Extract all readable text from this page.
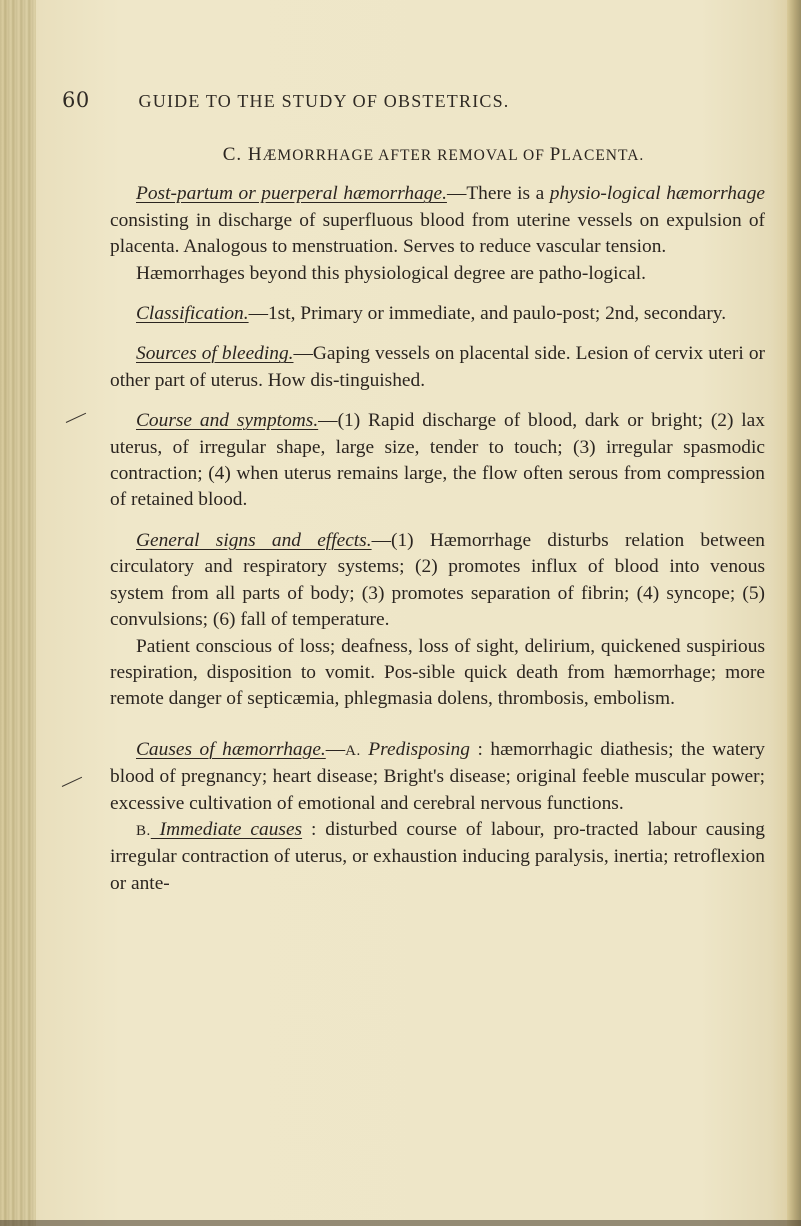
60	GUIDE TO THE STUDY OF OBSTETRICS.
C. HÆMORRHAGE AFTER REMOVAL OF PLACENTA.

Post-partum or puerperal hæmorrhage.—There is a physio-logical hæmorrhage consisting in discharge of superfluous blood from uterine vessels on expulsion of placenta. Analogous to menstruation. Serves to reduce vascular tension.

Hæmorrhages beyond this physiological degree are patho-logical.

Classification.—1st, Primary or immediate, and paulo-post; 2nd, secondary.

Sources of bleeding.—Gaping vessels on placental side. Lesion of cervix uteri or other part of uterus. How dis-tinguished.

Course and symptoms.—(1) Rapid discharge of blood, dark or bright; (2) lax uterus, of irregular shape, large size, tender to touch; (3) irregular spasmodic contraction; (4) when uterus remains large, the flow often serous from compression of retained blood.

General signs and effects.—(1) Hæmorrhage disturbs relation between circulatory and respiratory systems; (2) promotes influx of blood into venous system from all parts of body; (3) promotes separation of fibrin; (4) syncope; (5) convulsions; (6) fall of temperature.

Patient conscious of loss; deafness, loss of sight, delirium, quickened suspirious respiration, disposition to vomit. Pos-sible quick death from hæmorrhage; more remote danger of septicæmia, phlegmasia dolens, thrombosis, embolism.

Causes of hæmorrhage.—A. Predisposing : hæmorrhagic diathesis; the watery blood of pregnancy; heart disease; Bright's disease; original feeble muscular power; excessive cultivation of emotional and cerebral nervous functions.

B. Immediate causes : disturbed course of labour, pro-tracted labour causing irregular contraction of uterus, or exhaustion inducing paralysis, inertia; retroflexion or ante-
